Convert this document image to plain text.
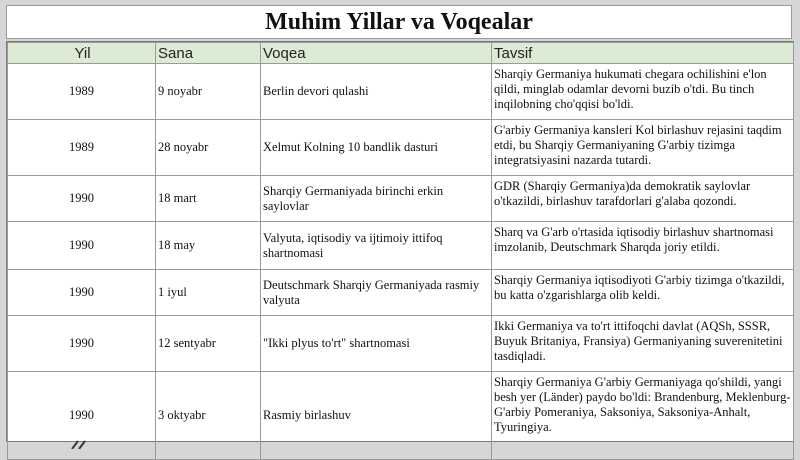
Muhim Yillar va Voqealar
Yil	Sana	Voqea	Tavsif
1989	9 noyabr	Berlin devori qulashi	Sharqiy Germaniya hukumati chegara ochilishini e'lon qildi, minglab odamlar devorni buzib o'tdi. Bu tinch inqilobning cho'qqisi bo'ldi.
1989	28 noyabr	Xelmut Kolning 10 bandlik dasturi	G'arbiy Germaniya kansleri Kol birlashuv rejasini taqdim etdi, bu Sharqiy Germaniyaning G'arbiy tizimga integratsiyasini nazarda tutardi.
1990	18 mart	Sharqiy Germaniyada birinchi erkin saylovlar	GDR (Sharqiy Germaniya)da demokratik saylovlar o'tkazildi, birlashuv tarafdorlari g'alaba qozondi.
1990	18 may	Valyuta, iqtisodiy va ijtimoiy ittifoq shartnomasi	Sharq va G'arb o'rtasida iqtisodiy birlashuv shartnomasi imzolanib, Deutschmark Sharqda joriy etildi.
1990	1 iyul	Deutschmark Sharqiy Germaniyada rasmiy valyuta	Sharqiy Germaniya iqtisodiyoti G'arbiy tizimga o'tkazildi, bu katta o'zgarishlarga olib keldi.
1990	12 sentyabr	"Ikki plyus to'rt" shartnomasi	Ikki Germaniya va to'rt ittifoqchi davlat (AQSh, SSSR, Buyuk Britaniya, Fransiya) Germaniyaning suverenitetini tasdiqladi.
1990	3 oktyabr	Rasmiy birlashuv	Sharqiy Germaniya G'arbiy Germaniyaga qo'shildi, yangi besh yer (Länder) paydo bo'ldi: Brandenburg, Meklenburg-G'arbiy Pomeraniya, Saksoniya, Saksoniya-Anhalt, Tyuringiya.
